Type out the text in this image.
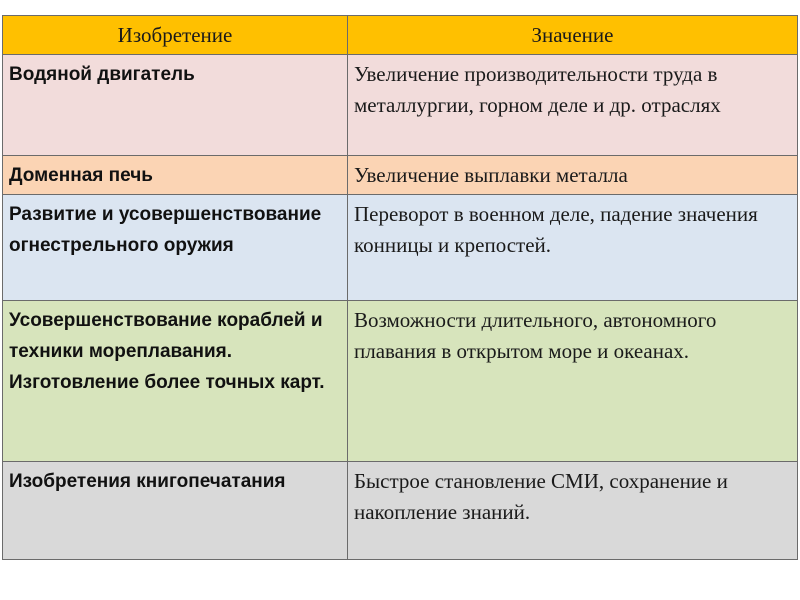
Изобретение	Значение
Водяной двигатель	Увеличение производительности труда в металлургии, горном деле и др. отраслях
Доменная печь	Увеличение выплавки металла
Развитие и усовершенствование огнестрельного оружия	Переворот в военном деле, падение значения конницы и крепостей.
Усовершенствование кораблей и техники мореплавания. Изготовление более точных карт.	Возможности длительного, автономного плавания в открытом море и океанах.
Изобретения книгопечатания	Быстрое становление СМИ, сохранение и накопление знаний.
